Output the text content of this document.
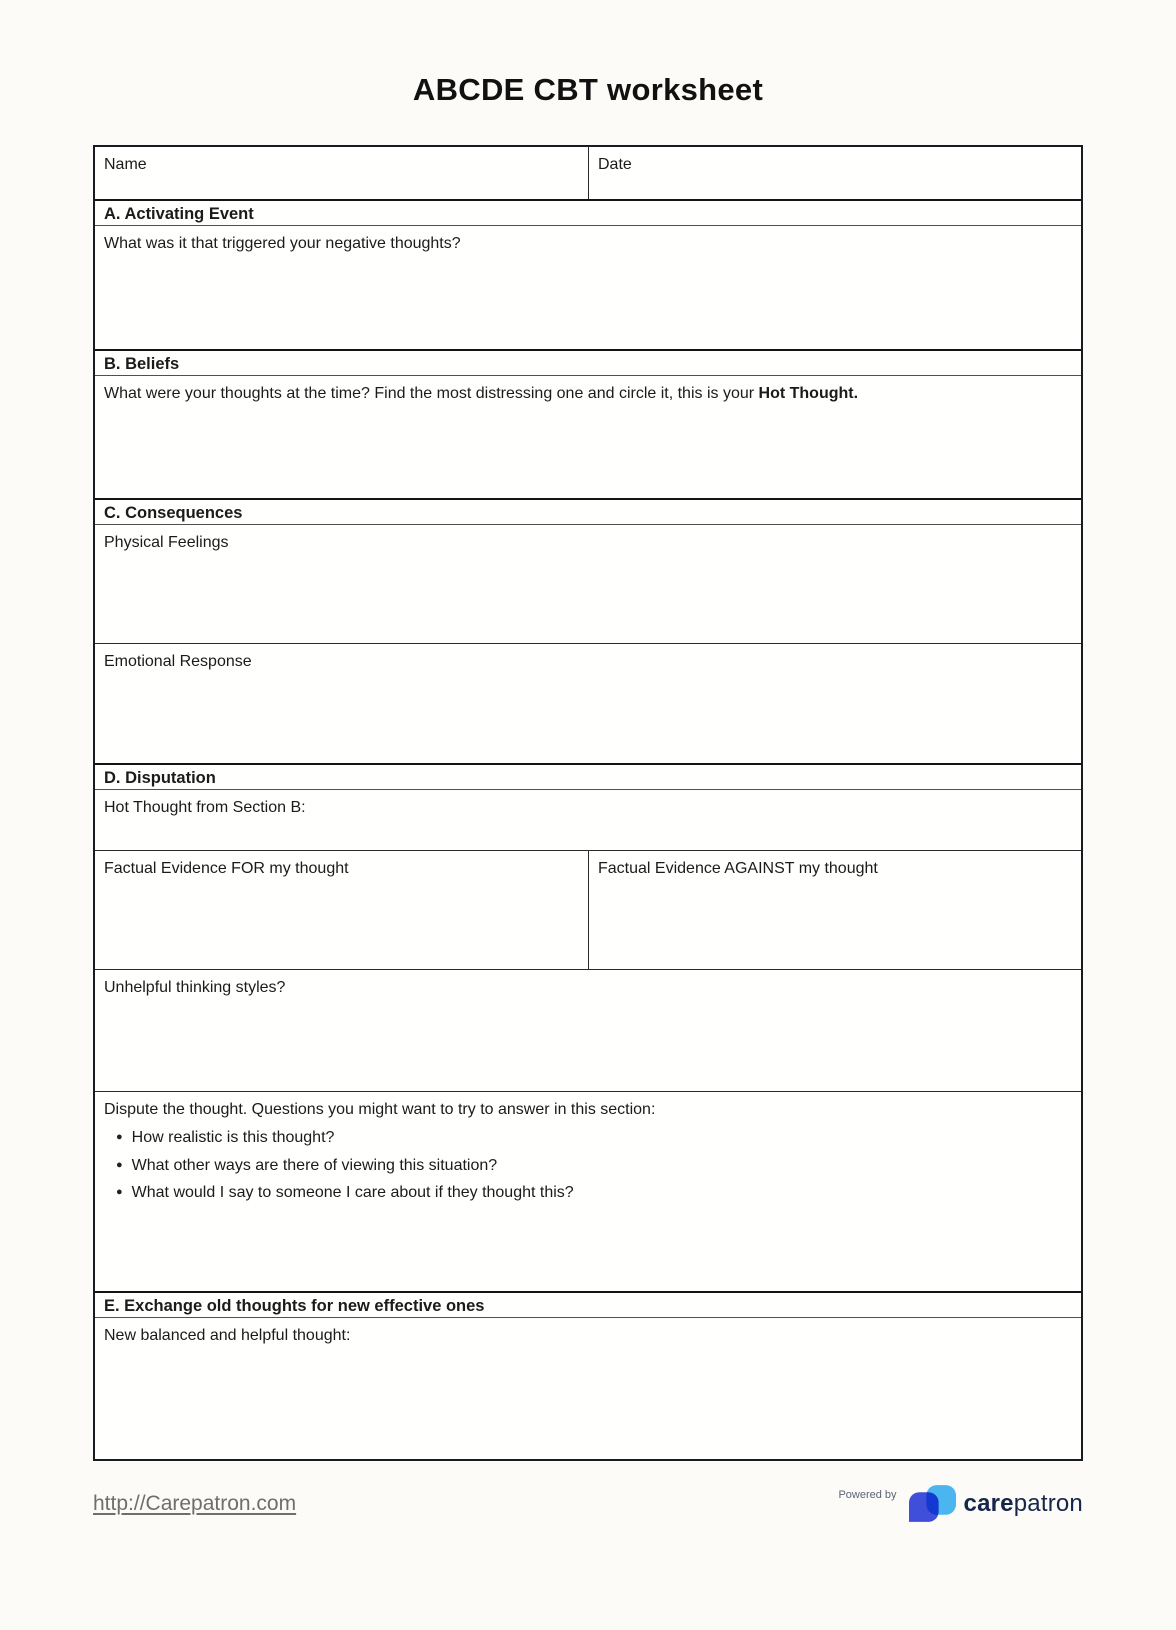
ABCDE CBT worksheet
Name	Date
A. Activating Event
What was it that triggered your negative thoughts?
B. Beliefs
What were your thoughts at the time? Find the most distressing one and circle it, this is your Hot Thought.
C. Consequences
Physical Feelings
Emotional Response
D. Disputation
Hot Thought from Section B:
Factual Evidence FOR my thought	Factual Evidence AGAINST my thought
Unhelpful thinking styles?
Dispute the thought. Questions you might want to try to answer in this section:
● How realistic is this thought?
● What other ways are there of viewing this situation?
● What would I say to someone I care about if they thought this?
E. Exchange old thoughts for new effective ones
New balanced and helpful thought:
http://Carepatron.com	Powered by	carepatron
